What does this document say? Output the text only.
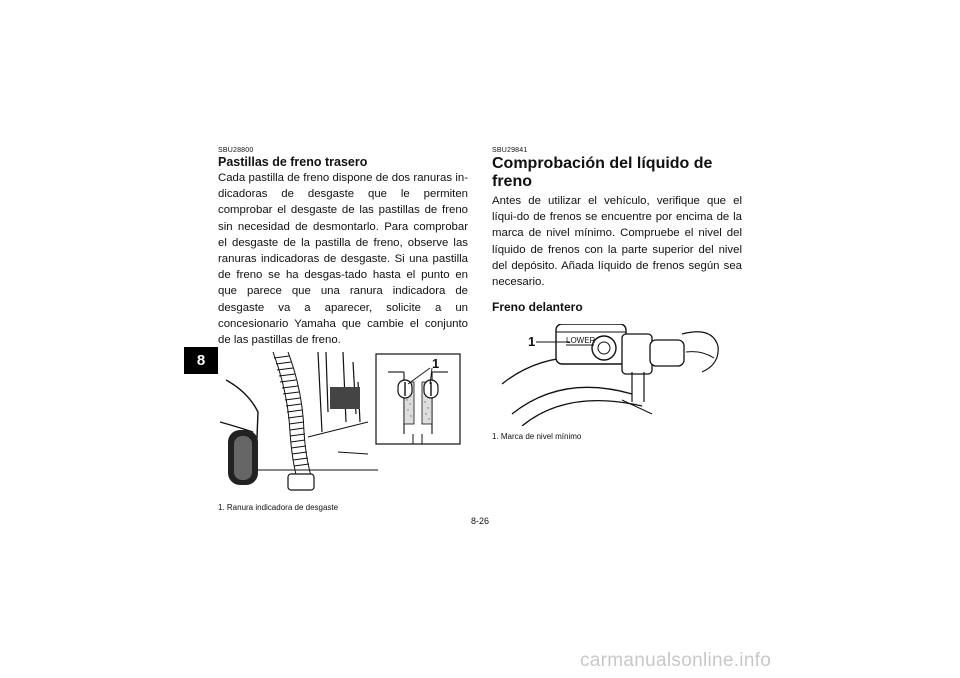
8

SBU28800

Pastillas de freno trasero

Cada pastilla de freno dispone de dos ranuras in-dicadoras de desgaste que le permiten comprobar el desgaste de las pastillas de freno sin necesidad de desmontarlo. Para comprobar el desgaste de la pastilla de freno, observe las ranuras indicadoras de desgaste. Si una pastilla de freno se ha desgas-tado hasta el punto en que parece que una ranura indicadora de desgaste va a aparecer, solicite a un concesionario Yamaha que cambie el conjunto de las pastillas de freno.

1

1. Ranura indicadora de desgaste

SBU29841

Comprobación del líquido de freno

Antes de utilizar el vehículo, verifique que el líqui-do de frenos se encuentre por encima de la marca de nivel mínimo. Compruebe el nivel del líquido de frenos con la parte superior del nivel del depósito. Añada líquido de frenos según sea necesario.

Freno delantero
LOWER
1

1. Marca de nivel mínimo

8-26
carmanualsonline.info
